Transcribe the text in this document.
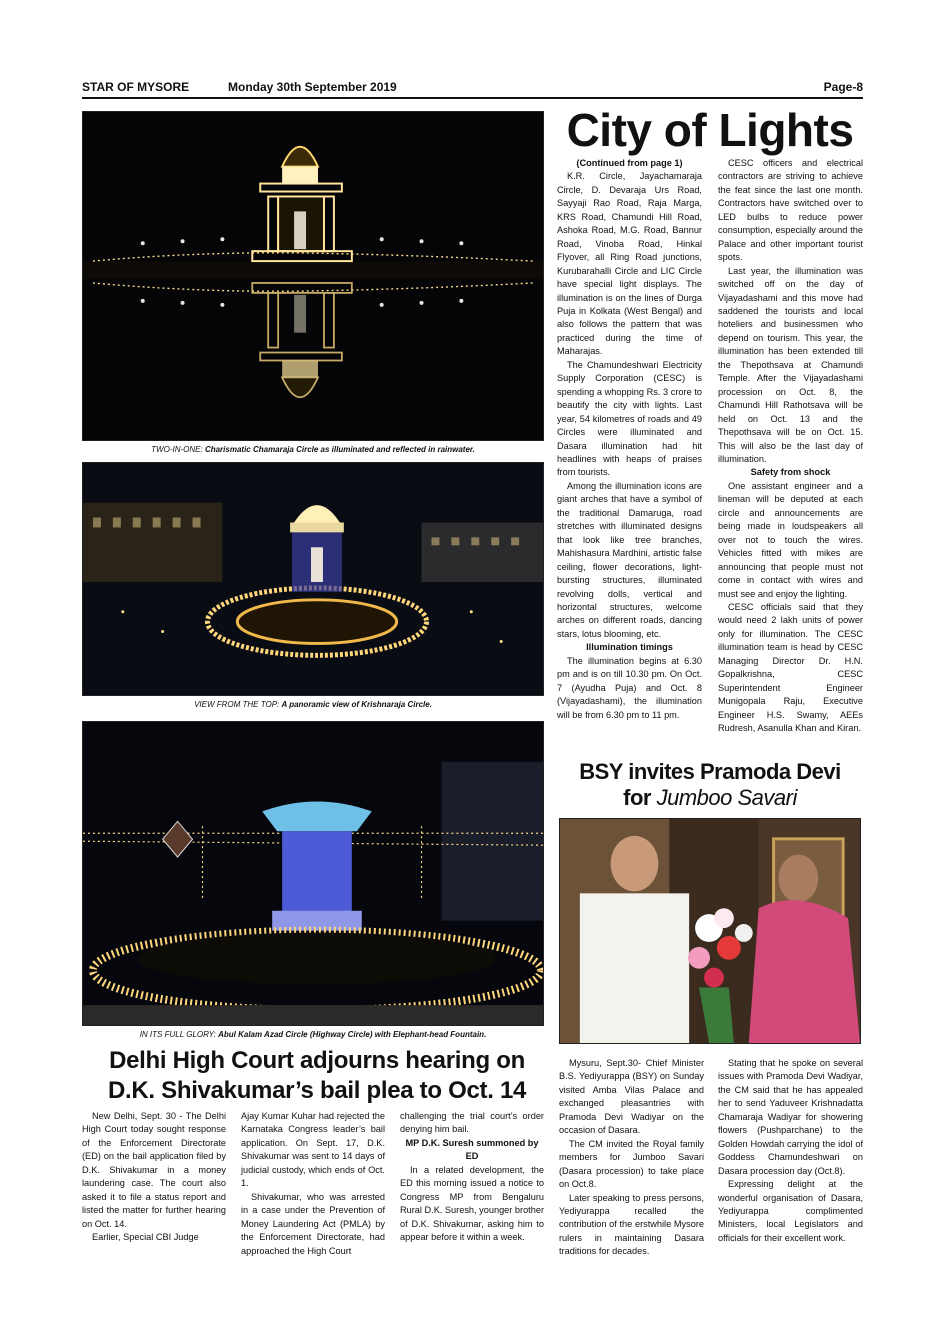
STAR OF MYSORE	Monday 30th September 2019	Page-8
TWO-IN-ONE: Charismatic Chamaraja Circle as illuminated and reflected in rainwater.
VIEW FROM THE TOP: A panoramic view of Krishnaraja Circle.
IN ITS FULL GLORY: Abul Kalam Azad Circle (Highway Circle) with Elephant-head Fountain.
City of Lights

(Continued from page 1)

K.R. Circle, Jayachamaraja Circle, D. Devaraja Urs Road, Sayyaji Rao Road, Raja Marga, KRS Road, Chamundi Hill Road, Ashoka Road, M.G. Road, Bannur Road, Vinoba Road, Hinkal Flyover, all Ring Road junctions, Kurubarahalli Circle and LIC Circle have special light displays. The illumination is on the lines of Durga Puja in Kolkata (West Bengal) and also follows the pattern that was practiced during the time of Maharajas.

The Chamundeshwari Electricity Supply Corporation (CESC) is spending a whopping Rs. 3 crore to beautify the city with lights. Last year, 54 kilometres of roads and 49 Circles were illuminated and Dasara illumination had hit headlines with heaps of praises from tourists.

Among the illumination icons are giant arches that have a symbol of the traditional Damaruga, road stretches with illuminated designs that look like tree branches, Mahishasura Mardhini, artistic false ceiling, flower decorations, light-bursting structures, illuminated revolving dolls, vertical and horizontal structures, welcome arches on different roads, dancing stars, lotus blooming, etc.

Illumination timings

The illumination begins at 6.30 pm and is on till 10.30 pm. On Oct. 7 (Ayudha Puja) and Oct. 8 (Vijayadashami), the illumination will be from 6.30 pm to 11 pm.

CESC officers and electrical contractors are striving to achieve the feat since the last one month. Contractors have switched over to LED bulbs to reduce power consumption, especially around the Palace and other important tourist spots.

Last year, the illumination was switched off on the day of Vijayadashami and this move had saddened the tourists and local hoteliers and businessmen who depend on tourism. This year, the illumination has been extended till the Thepothsava at Chamundi Temple. After the Vijayadashami procession on Oct. 8, the Chamundi Hill Rathotsava will be held on Oct. 13 and the Thepothsava will be on Oct. 15. This will also be the last day of illumination.

Safety from shock

One assistant engineer and a lineman will be deputed at each circle and announcements are being made in loudspeakers all over not to touch the wires. Vehicles fitted with mikes are announcing that people must not come in contact with wires and must see and enjoy the lighting.

CESC officials said that they would need 2 lakh units of power only for illumination. The CESC illumination team is head by CESC Managing Director Dr. H.N. Gopalkrishna, CESC Superintendent Engineer Munigopala Raju, Executive Engineer H.S. Swamy, AEEs Rudresh, Asanulla Khan and Kiran.

BSY invites Pramoda Devi
for Jumboo Savari

Mysuru, Sept.30- Chief Minister B.S. Yediyurappa (BSY) on Sunday visited Amba Vilas Palace and exchanged pleasantries with Pramoda Devi Wadiyar on the occasion of Dasara.

The CM invited the Royal family members for Jumboo Savari (Dasara procession) to take place on Oct.8.

Later speaking to press persons, Yediyurappa recalled the contribution of the erstwhile Mysore rulers in maintaining Dasara traditions for decades.

Stating that he spoke on several issues with Pramoda Devi Wadiyar, the CM said that he has appealed her to send Yaduveer Krishnadatta Chamaraja Wadiyar for showering flowers (Pushparchane) to the Golden Howdah carrying the idol of Goddess Chamundeshwari on Dasara procession day (Oct.8).

Expressing delight at the wonderful organisation of Dasara, Yediyurappa complimented Ministers, local Legislators and officials for their excellent work.

Delhi High Court adjourns hearing on
D.K. Shivakumar’s bail plea to Oct. 14

New Delhi, Sept. 30 - The Delhi High Court today sought response of the Enforcement Directorate (ED) on the bail application filed by D.K. Shivakumar in a money laundering case. The court also asked it to file a status report and listed the matter for further hearing on Oct. 14.

Earlier, Special CBI Judge

Ajay Kumar Kuhar had rejected the Karnataka Congress leader’s bail application. On Sept. 17, D.K. Shivakumar was sent to 14 days of judicial custody, which ends of Oct. 1.

Shivakumar, who was arrested in a case under the Prevention of Money Laundering Act (PMLA) by the Enforcement Directorate, had approached the High Court

challenging the trial court’s order denying him bail.

MP D.K. Suresh summoned by ED

In a related development, the ED this morning issued a notice to Congress MP from Bengaluru Rural D.K. Suresh, younger brother of D.K. Shivakumar, asking him to appear before it within a week.
